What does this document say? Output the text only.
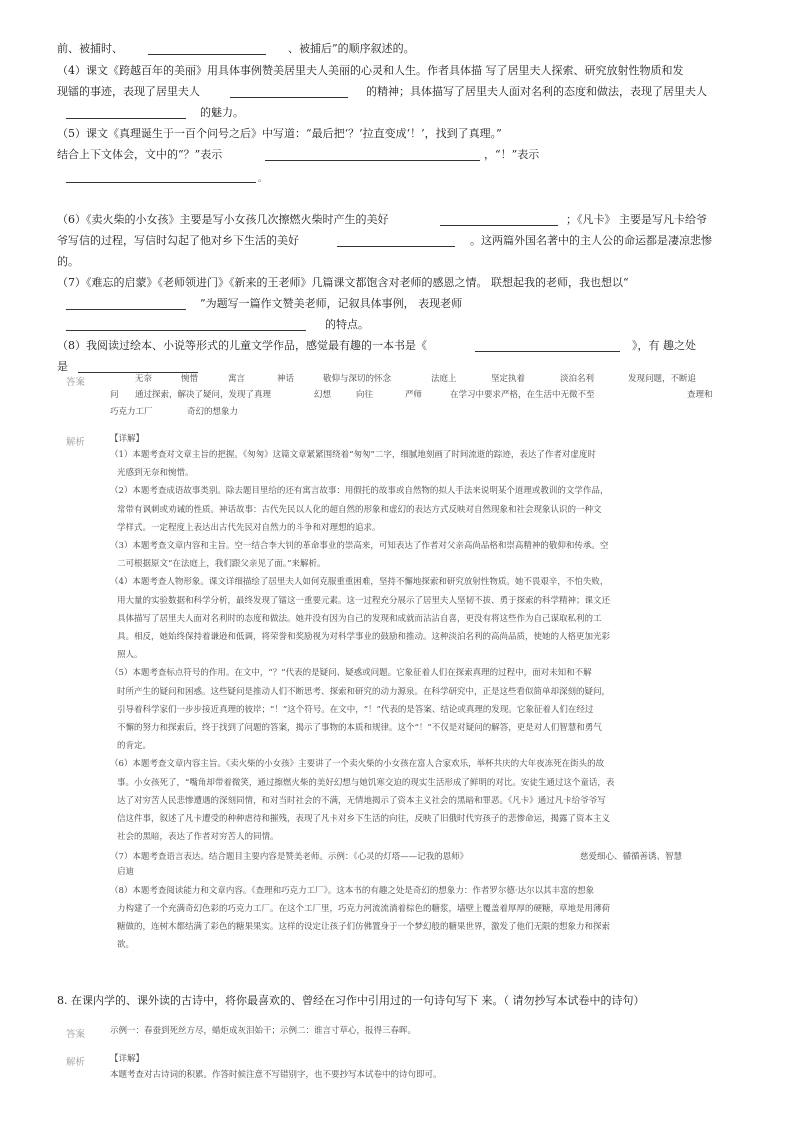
前、被捕时、	、被捕后”的顺序叙述的。
（4）课文《跨越百年的美丽》用具体事例赞美居里夫人美丽的心灵和人生。作者具体描 写了居里夫人探索、研究放射性物质和发
现镭的事迹，表现了居里夫人	的精神；具体描写了居里夫人面对名利的态度和做法，表现了居里夫人
的魅力。
（5）课文《真理诞生于一百个问号之后》中写道：“最后把‘？’拉直变成‘！’，找到了真理。”
结合上下文体会，文中的“？”表示	，“！”表示
。
（6）《卖火柴的小女孩》主要是写小女孩几次擦燃火柴时产生的美好	；《凡卡》 主要是写凡卡给爷
爷写信的过程，写信时勾起了他对乡下生活的美好	。这两篇外国名著中的主人公的命运都是凄凉悲惨
的。
（7）《难忘的启蒙》《老师领进门》《新来的王老师》几篇课文都饱含对老师的感恩之情。 联想起我的老师，我也想以“
”为题写一篇作文赞美老师，记叙具体事例， 表现老师
的特点。
（8）我阅读过绘本、小说等形式的儿童文学作品，感觉最有趣的一本书是《	》，有 趣之处
是
答案	无奈	惋惜	寓言	神话	敬仰与深切的怀念	法庭上	坚定执着	淡泊名利	发现问题，不断追
问 通过探索，解决了疑问，发现了真理	幻想	向往	严师	在学习中要求严格，在生活中无微不至	查理和
巧克力工厂	奇幻的想象力
解析	【详解】
（1）本题考查对文章主旨的把握。《匆匆》这篇文章紧紧围绕着“匆匆”二字，细腻地刻画了时间流逝的踪迹，表达了作者对虚度时
光感到无奈和惋惜。
（2）本题考查成语故事类别。除去题目里给的还有寓言故事：用假托的故事或自然物的拟人手法来说明某个道理或教训的文学作品，
常带有讽刺或劝诫的性质。神话故事：古代先民以人化的超自然的形象和虚幻的表达方式反映对自然现象和社会现象认识的一种文
学样式。一定程度上表达出古代先民对自然力的斗争和对理想的追求。
（3）本题考查文章内容和主旨。空一结合李大钊的革命事业的崇高来，可知表达了作者对父亲高尚品格和崇高精神的敬仰和传承。空
二可根据原文“在法庭上，我们跟父亲见了面。”来解析。
（4）本题考查人物形象。课文详细描绘了居里夫人如何克服重重困难，坚持不懈地探索和研究放射性物质。她不畏艰辛，不怕失败，
用大量的实验数据和科学分析，最终发现了镭这一重要元素。这一过程充分展示了居里夫人坚韧不拔、勇于探索的科学精神；课文还
具体描写了居里夫人面对名利时的态度和做法。她并没有因为自己的发现和成就而沾沾自喜，更没有将这些作为自己谋取私利的工
具。相反，她始终保持着谦逊和低调，将荣誉和奖励视为对科学事业的鼓励和推动。这种淡泊名利的高尚品质，使她的人格更加光彩
照人。
（5）本题考查标点符号的作用。在文中，“？”代表的是疑问、疑惑或问题。它象征着人们在探索真理的过程中，面对未知和不解
时所产生的疑问和困惑。这些疑问是推动人们不断思考、探索和研究的动力源泉。在科学研究中，正是这些看似简单却深刻的疑问，
引导着科学家们一步步接近真理的彼岸；“！”这个符号。在文中，“！”代表的是答案、结论或真理的发现。它象征着人们在经过
不懈的努力和探索后，终于找到了问题的答案，揭示了事物的本质和规律。这个“！”不仅是对疑问的解答，更是对人们智慧和勇气
的肯定。
（6）本题考查文章内容主旨。《卖火柴的小女孩》主要讲了一个卖火柴的小女孩在富人合家欢乐，举杯共庆的大年夜冻死在街头的故
事。小女孩死了，“嘴角却带着微笑，通过擦燃火柴的美好幻想与她饥寒交迫的现实生活形成了鲜明的对比。安徒生通过这个童话，表
达了对穷苦人民悲惨遭遇的深刻同情，和对当时社会的不满，无情地揭示了资本主义社会的黑暗和罪恶。《凡卡》通过凡卡给爷爷写
信这件事，叙述了凡卡遭受的种种虐待和摧残，表现了凡卡对乡下生活的向往，反映了旧俄时代穷孩子的悲惨命运，揭露了资本主义
社会的黑暗，表达了作者对穷苦人的同情。
（7）本题考查语言表达。结合题目主要内容是赞美老师。示例：《心灵的灯塔——记我的恩师》	慈爱细心、循循善诱、智慧
启迪
（8）本题考查阅读能力和文章内容。《查理和巧克力工厂》。这本书的有趣之处是奇幻的想象力：作者罗尔德·达尔以其丰富的想象
力构建了一个充满奇幻色彩的巧克力工厂。在这个工厂里，巧克力河流流淌着棕色的糖浆，墙壁上覆盖着厚厚的硬糖，草地是用薄荷
糖做的，连树木都结满了彩色的糖果果实。这样的设定让孩子们仿佛置身于一个梦幻般的糖果世界，激发了他们无限的想象力和探索
欲。
8. 在课内学的、课外读的古诗中，将你最喜欢的、曾经在习作中引用过的一句诗句写下 来。（ 请勿抄写本试卷中的诗句）
答案	示例一：春蚕到死丝方尽，蜡炬成灰泪始干；示例二：谁言寸草心，报得三春晖。
解析	【详解】
本题考查对古诗词的积累。作答时候注意不写错别字，也不要抄写本试卷中的诗句即可。
